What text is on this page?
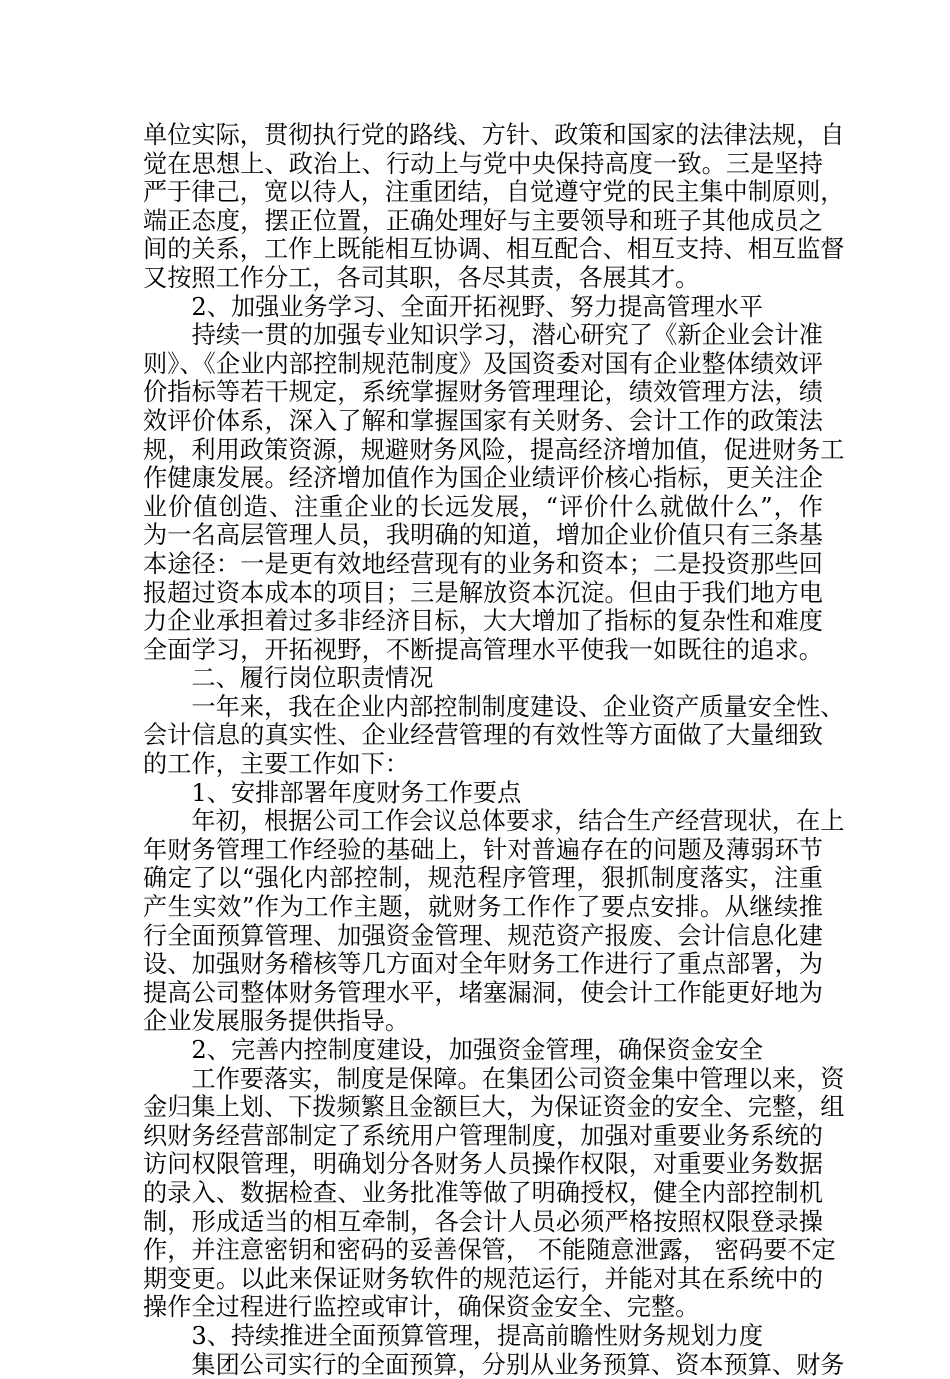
单位实际，贯彻执行党的路线、方针、政策和国家的法律法规，自
觉在思想上、政治上、行动上与党中央保持高度一致。三是坚持
严于律己，宽以待人，注重团结，自觉遵守党的民主集中制原则，
端正态度，摆正位置，正确处理好与主要领导和班子其他成员之
间的关系，工作上既能相互协调、相互配合、相互支持、相互监督
又按照工作分工，各司其职，各尽其责，各展其才。
　　2、加强业务学习、全面开拓视野、努力提高管理水平
　　持续一贯的加强专业知识学习，潜心研究了《新企业会计准
则》、《企业内部控制规范制度》及国资委对国有企业整体绩效评
价指标等若干规定，系统掌握财务管理理论，绩效管理方法，绩
效评价体系，深入了解和掌握国家有关财务、会计工作的政策法
规，利用政策资源，规避财务风险，提高经济增加值，促进财务工
作健康发展。经济增加值作为国企业绩评价核心指标，更关注企
业价值创造、注重企业的长远发展，“评价什么就做什么”，作
为一名高层管理人员，我明确的知道，增加企业价值只有三条基
本途径：一是更有效地经营现有的业务和资本；二是投资那些回
报超过资本成本的项目；三是解放资本沉淀。但由于我们地方电
力企业承担着过多非经济目标，大大增加了指标的复杂性和难度
全面学习，开拓视野，不断提高管理水平使我一如既往的追求。
　　二、履行岗位职责情况
　　一年来，我在企业内部控制制度建设、企业资产质量安全性、
会计信息的真实性、企业经营管理的有效性等方面做了大量细致
的工作，主要工作如下：
　　1、安排部署年度财务工作要点
　　年初，根据公司工作会议总体要求，结合生产经营现状，在上
年财务管理工作经验的基础上，针对普遍存在的问题及薄弱环节
确定了以“强化内部控制，规范程序管理，狠抓制度落实，注重
产生实效”作为工作主题，就财务工作作了要点安排。从继续推
行全面预算管理、加强资金管理、规范资产报废、会计信息化建
设、加强财务稽核等几方面对全年财务工作进行了重点部署，为
提高公司整体财务管理水平，堵塞漏洞，使会计工作能更好地为
企业发展服务提供指导。
　　2、完善内控制度建设，加强资金管理，确保资金安全
　　工作要落实，制度是保障。在集团公司资金集中管理以来，资
金归集上划、下拨频繁且金额巨大，为保证资金的安全、完整，组
织财务经营部制定了系统用户管理制度，加强对重要业务系统的
访问权限管理，明确划分各财务人员操作权限，对重要业务数据
的录入、数据检查、业务批准等做了明确授权，健全内部控制机
制，形成适当的相互牵制，各会计人员必须严格按照权限登录操
作，并注意密钥和密码的妥善保管， 不能随意泄露， 密码要不定
期变更。以此来保证财务软件的规范运行，并能对其在系统中的
操作全过程进行监控或审计，确保资金安全、完整。
　　3、持续推进全面预算管理，提高前瞻性财务规划力度
　　集团公司实行的全面预算，分别从业务预算、资本预算、财务
